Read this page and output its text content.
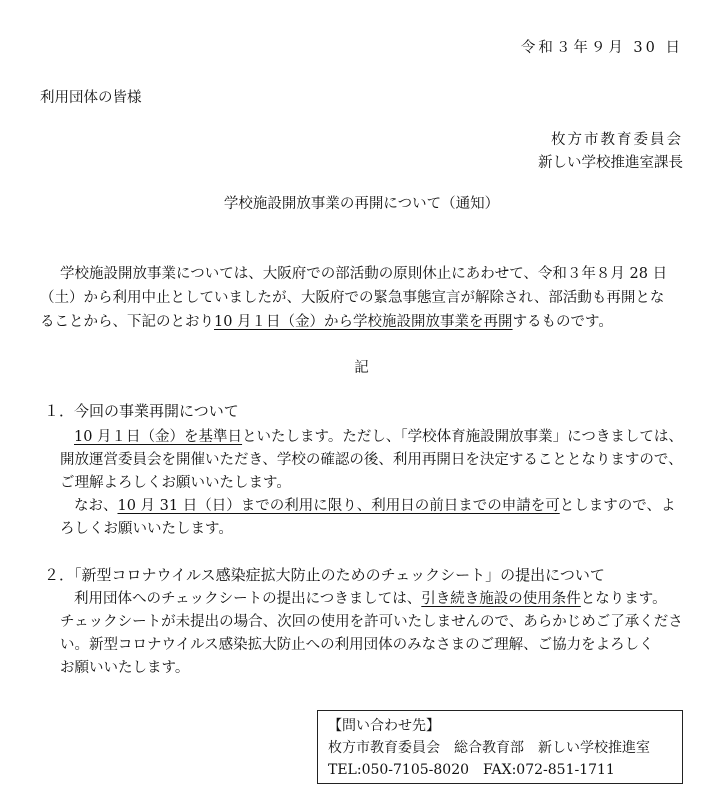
令和３年９月 30 日
利用団体の皆様
枚方市教育委員会
新しい学校推進室課長
学校施設開放事業の再開について（通知）
学校施設開放事業については、大阪府での部活動の原則休止にあわせて、令和３年８月 28 日
（土）から利用中止としていましたが、大阪府での緊急事態宣言が解除され、部活動も再開とな
ることから、下記のとおり10 月１日（金）から学校施設開放事業を再開するものです。
記
１．今回の事業再開について
10 月１日（金）を基準日といたします。ただし、「学校体育施設開放事業」につきましては、
開放運営委員会を開催いただき、学校の確認の後、利用再開日を決定することとなりますので、
ご理解よろしくお願いいたします。
なお、10 月 31 日（日）までの利用に限り、利用日の前日までの申請を可としますので、よ
ろしくお願いいたします。
２．「新型コロナウイルス感染症拡大防止のためのチェックシート」の提出について
利用団体へのチェックシートの提出につきましては、引き続き施設の使用条件となります。
チェックシートが未提出の場合、次回の使用を許可いたしませんので、あらかじめご了承くださ
い。新型コロナウイルス感染拡大防止への利用団体のみなさまのご理解、ご協力をよろしく
お願いいたします。
【問い合わせ先】
枚方市教育委員会　総合教育部　新しい学校推進室
TEL:050-7105-8020　FAX:072-851-1711
